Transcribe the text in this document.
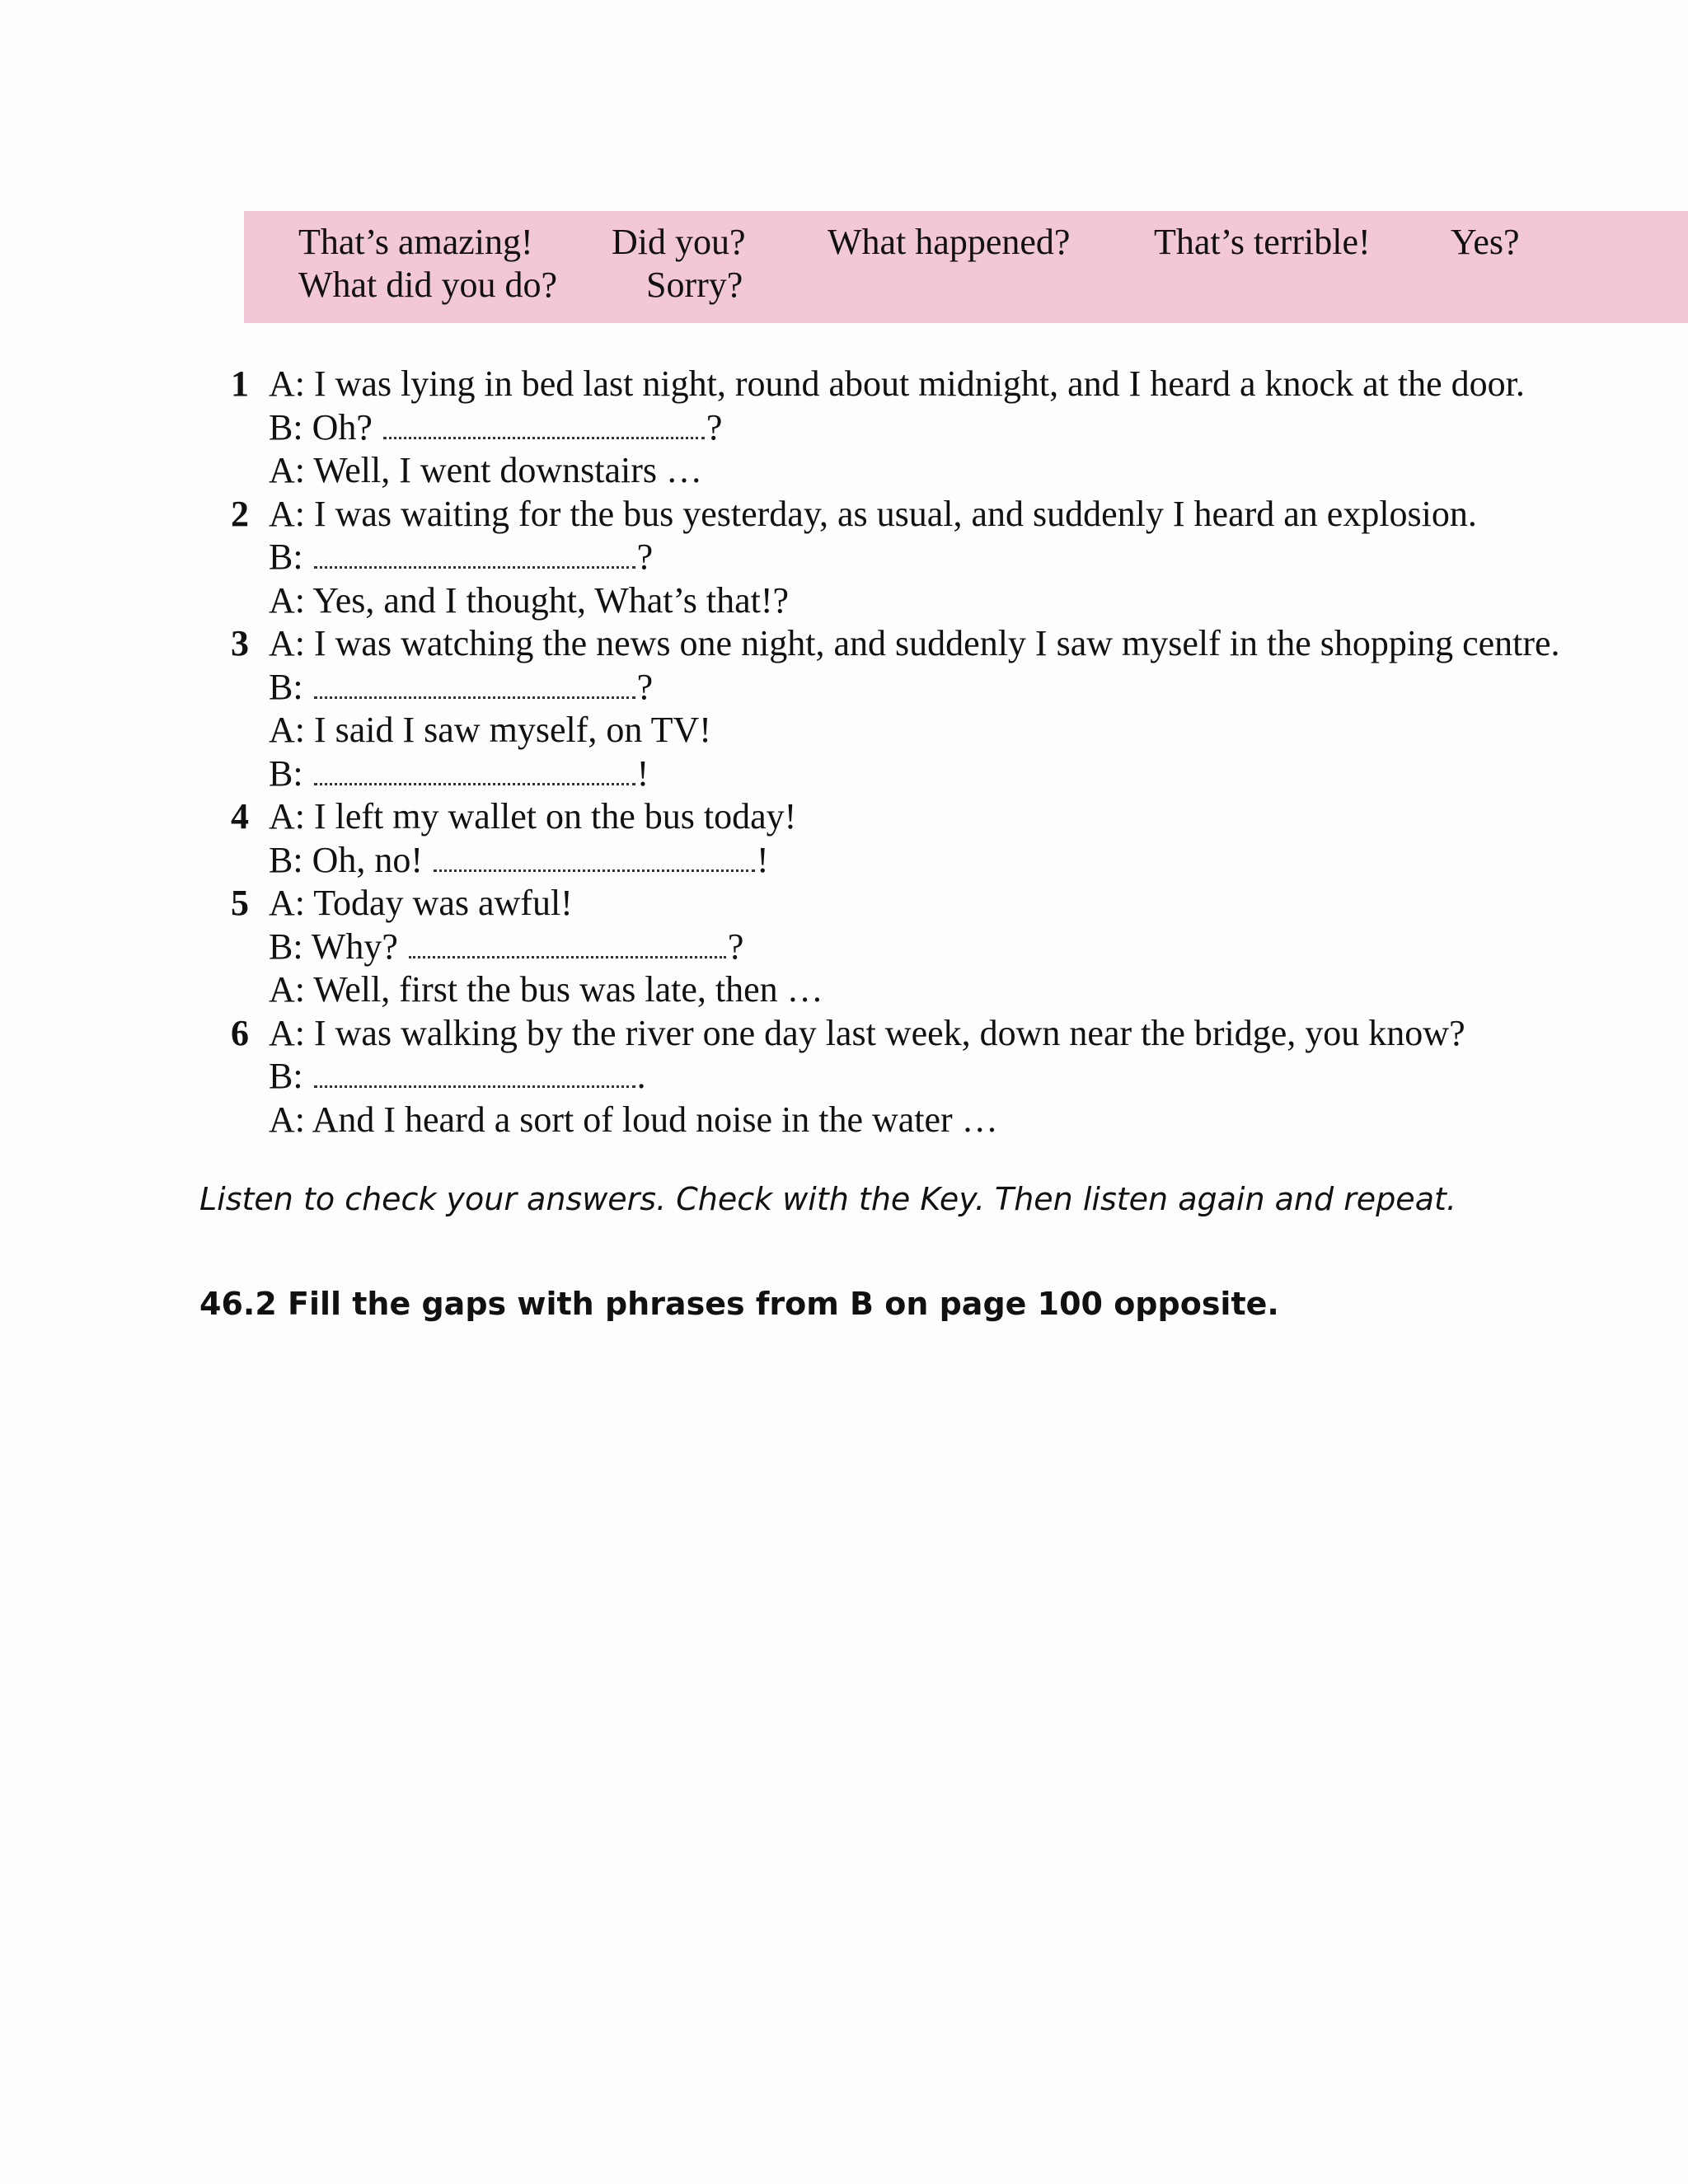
That’s amazing! Did you? What happened? That’s terrible! Yes?
What did you do? Sorry?
1 A: I was lying in bed last night, round about midnight, and I heard a knock at the door.
B: Oh?	?
A: Well, I went downstairs …
2 A: I was waiting for the bus yesterday, as usual, and suddenly I heard an explosion.
B:	?
A: Yes, and I thought, What’s that!?
3 A: I was watching the news one night, and suddenly I saw myself in the shopping centre.
B:	?
A: I said I saw myself, on TV!
B:	!
4 A: I left my wallet on the bus today!
B: Oh, no!	!
5 A: Today was awful!
B: Why?	?
A: Well, first the bus was late, then …
6 A: I was walking by the river one day last week, down near the bridge, you know?
B:	.
A: And I heard a sort of loud noise in the water …
Listen to check your answers. Check with the Key. Then listen again and repeat.
46.2 Fill the gaps with phrases from B on page 100 opposite.
